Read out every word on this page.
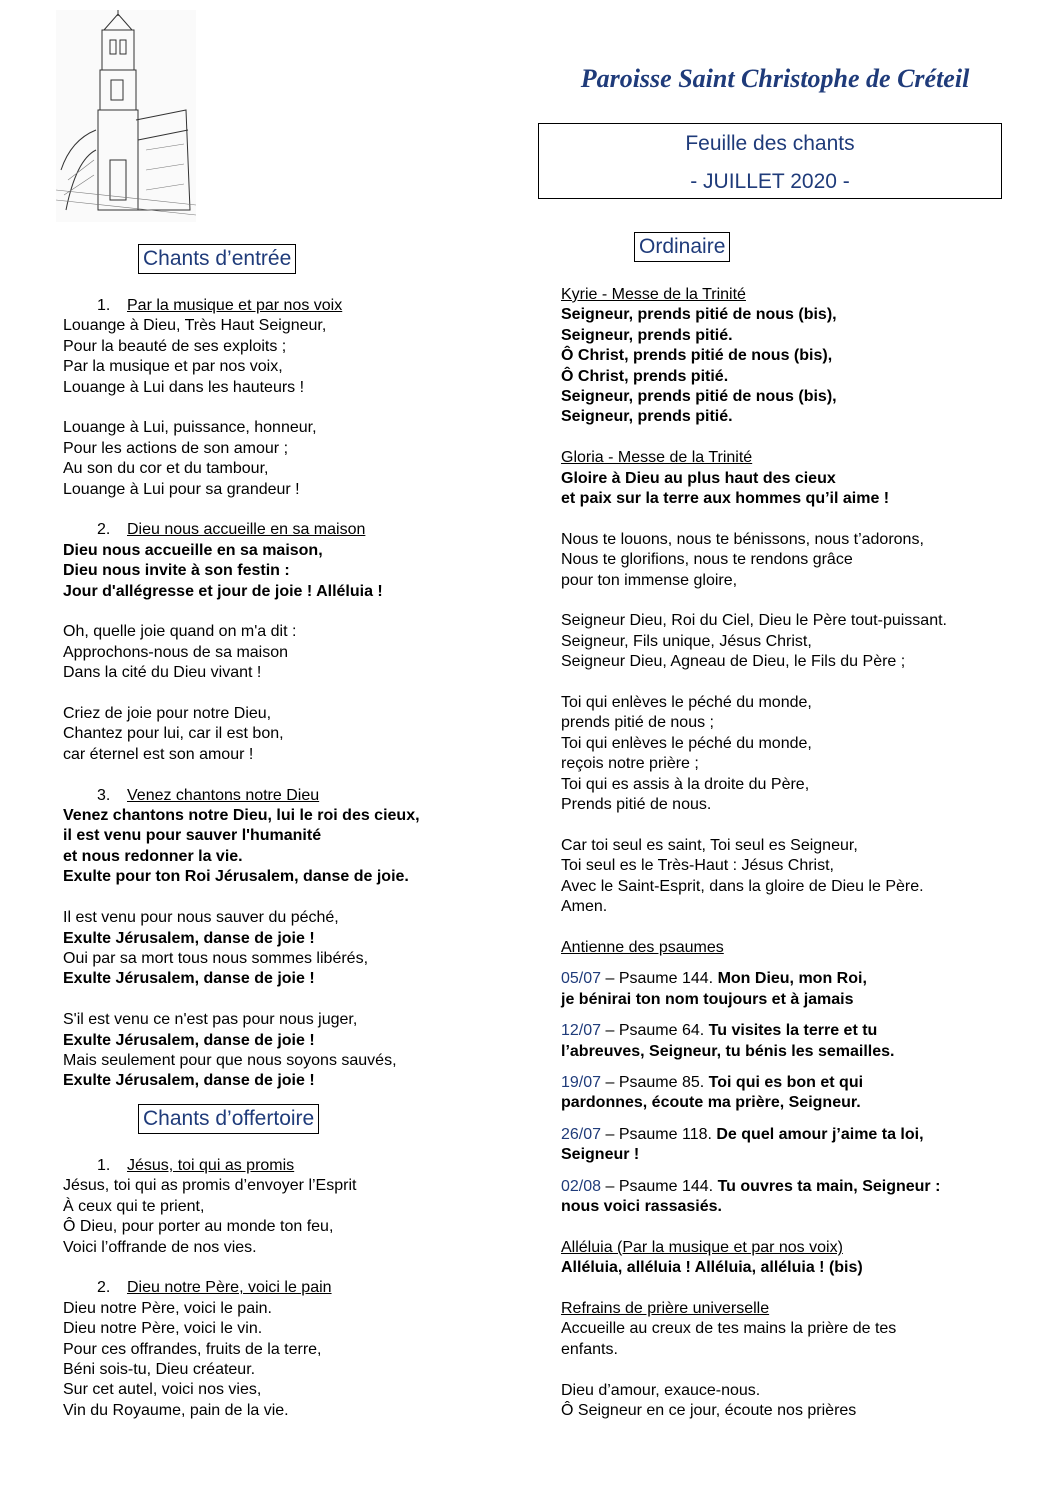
Paroisse Saint Christophe de Créteil
Feuille des chants
- JUILLET 2020 -
Chants d’entrée
Ordinaire
Chants d’offertoire
1. Par la musique et par nos voix
Louange à Dieu, Très Haut Seigneur,
Pour la beauté de ses exploits ;
Par la musique et par nos voix,
Louange à Lui dans les hauteurs !
Louange à Lui, puissance, honneur,
Pour les actions de son amour ;
Au son du cor et du tambour,
Louange à Lui pour sa grandeur !
2. Dieu nous accueille en sa maison
Dieu nous accueille en sa maison,
Dieu nous invite à son festin :
Jour d'allégresse et jour de joie ! Alléluia !
Oh, quelle joie quand on m'a dit :
Approchons-nous de sa maison
Dans la cité du Dieu vivant !
Criez de joie pour notre Dieu,
Chantez pour lui, car il est bon,
car éternel est son amour !
3. Venez chantons notre Dieu
Venez chantons notre Dieu, lui le roi des cieux,
il est venu pour sauver l'humanité
et nous redonner la vie.
Exulte pour ton Roi Jérusalem, danse de joie.
Il est venu pour nous sauver du péché,
Exulte Jérusalem, danse de joie !
Oui par sa mort tous nous sommes libérés,
Exulte Jérusalem, danse de joie !
S'il est venu ce n'est pas pour nous juger,
Exulte Jérusalem, danse de joie !
Mais seulement pour que nous soyons sauvés,
Exulte Jérusalem, danse de joie !
1. Jésus, toi qui as promis
Jésus, toi qui as promis d’envoyer l’Esprit
À ceux qui te prient,
Ô Dieu, pour porter au monde ton feu,
Voici l’offrande de nos vies.
2. Dieu notre Père, voici le pain
Dieu notre Père, voici le pain.
Dieu notre Père, voici le vin.
Pour ces offrandes, fruits de la terre,
Béni sois-tu, Dieu créateur.
Sur cet autel, voici nos vies,
Vin du Royaume, pain de la vie.
Kyrie - Messe de la Trinité
Seigneur, prends pitié de nous (bis),
Seigneur, prends pitié.
Ô Christ, prends pitié de nous (bis),
Ô Christ, prends pitié.
Seigneur, prends pitié de nous (bis),
Seigneur, prends pitié.
Gloria - Messe de la Trinité
Gloire à Dieu au plus haut des cieux
et paix sur la terre aux hommes qu’il aime !
Nous te louons, nous te bénissons, nous t’adorons,
Nous te glorifions, nous te rendons grâce
pour ton immense gloire,
Seigneur Dieu, Roi du Ciel, Dieu le Père tout-puissant.
Seigneur, Fils unique, Jésus Christ,
Seigneur Dieu, Agneau de Dieu, le Fils du Père ;
Toi qui enlèves le péché du monde,
prends pitié de nous ;
Toi qui enlèves le péché du monde,
reçois notre prière ;
Toi qui es assis à la droite du Père,
Prends pitié de nous.
Car toi seul es saint, Toi seul es Seigneur,
Toi seul es le Très-Haut : Jésus Christ,
Avec le Saint-Esprit, dans la gloire de Dieu le Père.
Amen.
Antienne des psaumes
05/07 – Psaume 144. Mon Dieu, mon Roi,
je bénirai ton nom toujours et à jamais
12/07 – Psaume 64. Tu visites la terre et tu
l’abreuves, Seigneur, tu bénis les semailles.
19/07 – Psaume 85. Toi qui es bon et qui
pardonnes, écoute ma prière, Seigneur.
26/07 – Psaume 118. De quel amour j’aime ta loi,
Seigneur !
02/08 – Psaume 144. Tu ouvres ta main, Seigneur :
nous voici rassasiés.
Alléluia (Par la musique et par nos voix)
Alléluia, alléluia ! Alléluia, alléluia ! (bis)
Refrains de prière universelle
Accueille au creux de tes mains la prière de tes
enfants.
Dieu d’amour, exauce-nous.
Ô Seigneur en ce jour, écoute nos prières
